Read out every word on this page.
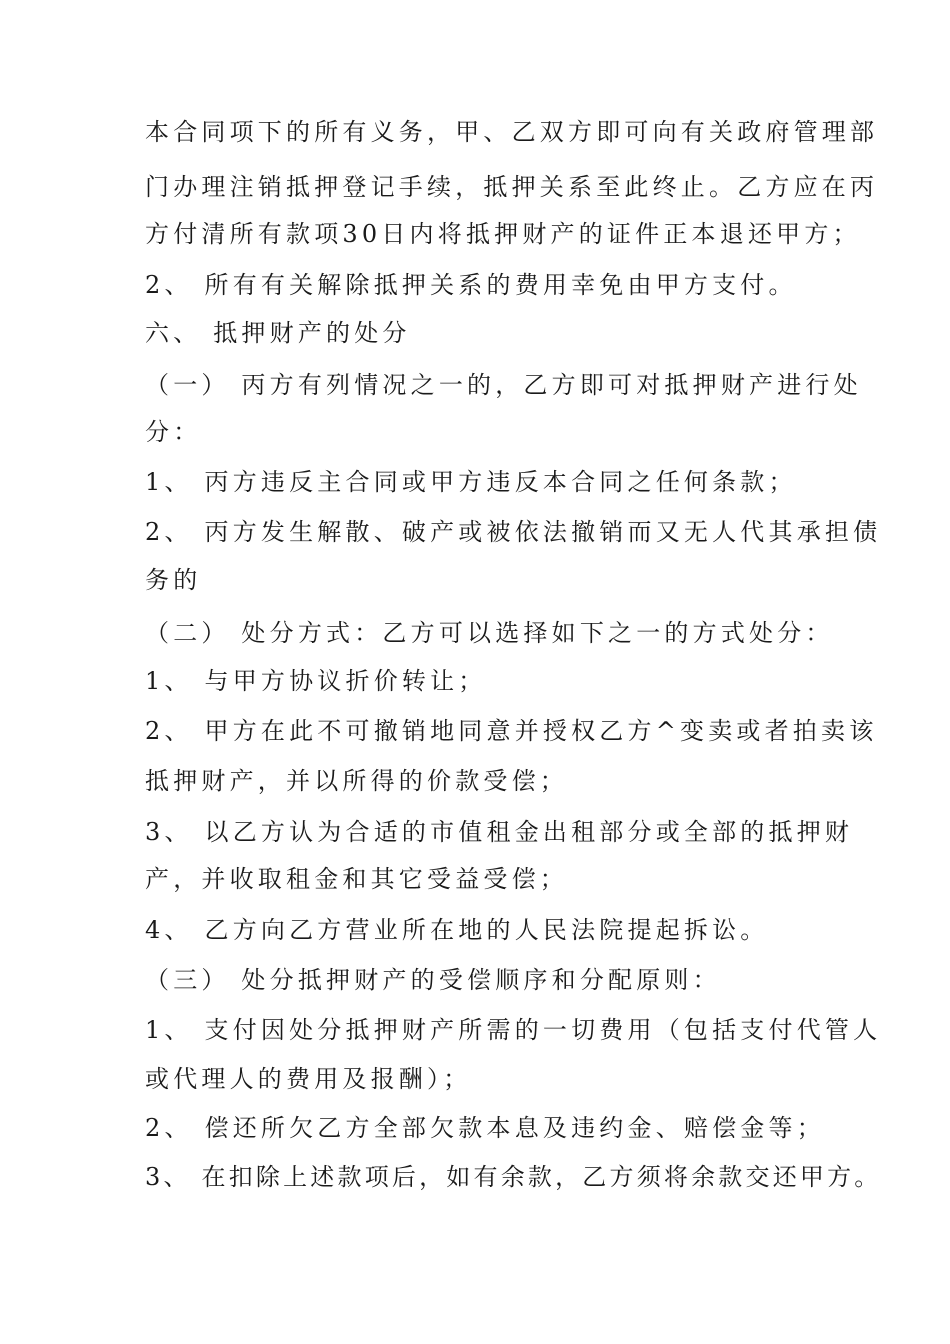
本合同项下的所有义务，甲、乙双方即可向有关政府管理部
门办理注销抵押登记手续，抵押关系至此终止。乙方应在丙
方付清所有款项30日内将抵押财产的证件正本退还甲方；
2、 所有有关解除抵押关系的费用幸免由甲方支付。
六、 抵押财产的处分
（一） 丙方有列情况之一的，乙方即可对抵押财产进行处
分：
1、 丙方违反主合同或甲方违反本合同之任何条款；
2、 丙方发生解散、破产或被依法撤销而又无人代其承担债
务的
（二） 处分方式：乙方可以选择如下之一的方式处分：
1、 与甲方协议折价转让；
2、 甲方在此不可撤销地同意并授权乙方^变卖或者拍卖该
抵押财产，并以所得的价款受偿；
3、 以乙方认为合适的市值租金出租部分或全部的抵押财
产，并收取租金和其它受益受偿；
4、 乙方向乙方营业所在地的人民法院提起拆讼。
（三） 处分抵押财产的受偿顺序和分配原则：
1、 支付因处分抵押财产所需的一切费用（包括支付代管人
或代理人的费用及报酬）；
2、 偿还所欠乙方全部欠款本息及违约金、赔偿金等；
3、 在扣除上述款项后，如有余款，乙方须将余款交还甲方。
